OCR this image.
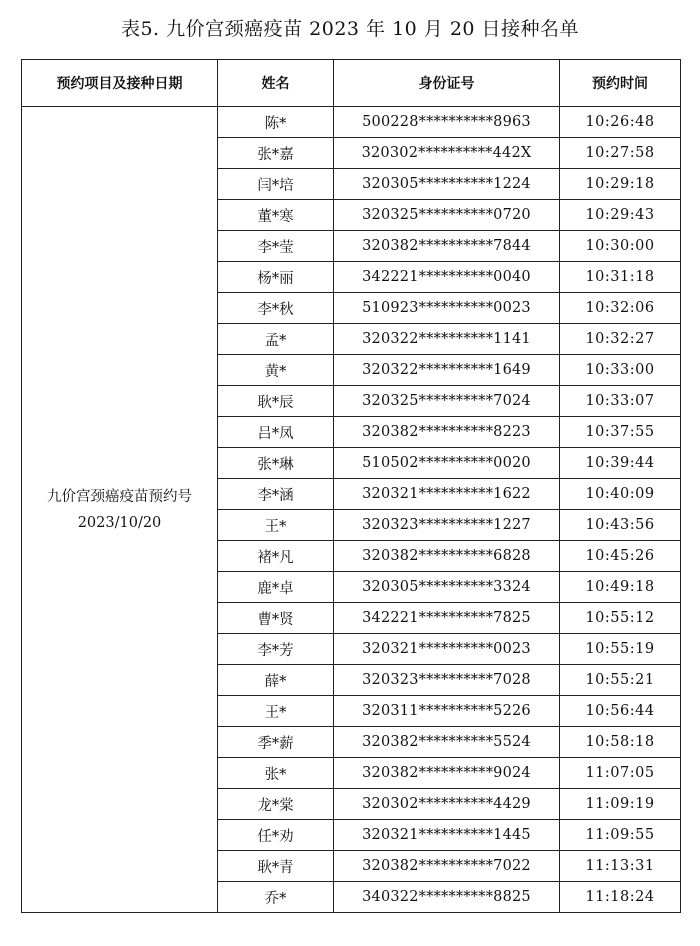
表5. 九价宫颈癌疫苗 2023 年 10 月 20 日接种名单
预约项目及接种日期	姓名	身份证号	预约时间

九价宫颈癌疫苗预约号
2023/10/20	陈*	500228**********8963	10:26:48
	张*嘉	320302**********442X	10:27:58
	闫*培	320305**********1224	10:29:18
	董*寒	320325**********0720	10:29:43
	李*莹	320382**********7844	10:30:00
	杨*丽	342221**********0040	10:31:18
	李*秋	510923**********0023	10:32:06
	孟*	320322**********1141	10:32:27
	黄*	320322**********1649	10:33:00
	耿*辰	320325**********7024	10:33:07
	吕*凤	320382**********8223	10:37:55
	张*琳	510502**********0020	10:39:44
	李*涵	320321**********1622	10:40:09
	王*	320323**********1227	10:43:56
	褚*凡	320382**********6828	10:45:26
	鹿*卓	320305**********3324	10:49:18
	曹*贤	342221**********7825	10:55:12
	李*芳	320321**********0023	10:55:19
	薛*	320323**********7028	10:55:21
	王*	320311**********5226	10:56:44
	季*薪	320382**********5524	10:58:18
	张*	320382**********9024	11:07:05
	龙*棠	320302**********4429	11:09:19
	任*劝	320321**********1445	11:09:55
	耿*青	320382**********7022	11:13:31
	乔*	340322**********8825	11:18:24
